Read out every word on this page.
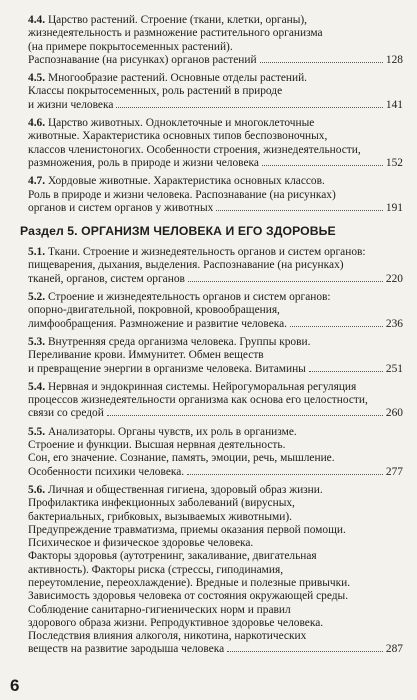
4.4. Царство растений. Строение (ткани, клетки, органы),
жизнедеятельность и размножение растительного организма
(на примере покрытосеменных растений).
Распознавание (на рисунках) органов растений	128
4.5. Многообразие растений. Основные отделы растений.
Классы покрытосеменных, роль растений в природе
и жизни человека	141
4.6. Царство животных. Одноклеточные и многоклеточные
животные. Характеристика основных типов беспозвоночных,
классов членистоногих. Особенности строения, жизнедеятельности,
размножения, роль в природе и жизни человека	152
4.7. Хордовые животные. Характеристика основных классов.
Роль в природе и жизни человека. Распознавание (на рисунках)
органов и систем органов у животных	191
Раздел 5. ОРГАНИЗМ ЧЕЛОВЕКА И ЕГО ЗДОРОВЬЕ
5.1. Ткани. Строение и жизнедеятельность органов и систем органов:
пищеварения, дыхания, выделения. Распознавание (на рисунках)
тканей, органов, систем органов	220
5.2. Строение и жизнедеятельность органов и систем органов:
опорно-двигательной, покровной, кровообращения,
лимфообращения. Размножение и развитие человека.	236
5.3. Внутренняя среда организма человека. Группы крови.
Переливание крови. Иммунитет. Обмен веществ
и превращение энергии в организме человека. Витамины	251
5.4. Нервная и эндокринная системы. Нейрогуморальная регуляция
процессов жизнедеятельности организма как основа его целостности,
связи со средой	260
5.5. Анализаторы. Органы чувств, их роль в организме.
Строение и функции. Высшая нервная деятельность.
Сон, его значение. Сознание, память, эмоции, речь, мышление.
Особенности психики человека.	277
5.6. Личная и общественная гигиена, здоровый образ жизни.
Профилактика инфекционных заболеваний (вирусных,
бактериальных, грибковых, вызываемых животными).
Предупреждение травматизма, приемы оказания первой помощи.
Психическое и физическое здоровье человека.
Факторы здоровья (аутотренинг, закаливание, двигательная
активность). Факторы риска (стрессы, гиподинамия,
переутомление, переохлаждение). Вредные и полезные привычки.
Зависимость здоровья человека от состояния окружающей среды.
Соблюдение санитарно-гигиенических норм и правил
здорового образа жизни. Репродуктивное здоровье человека.
Последствия влияния алкоголя, никотина, наркотических
веществ на развитие зародыша человека	287
6
